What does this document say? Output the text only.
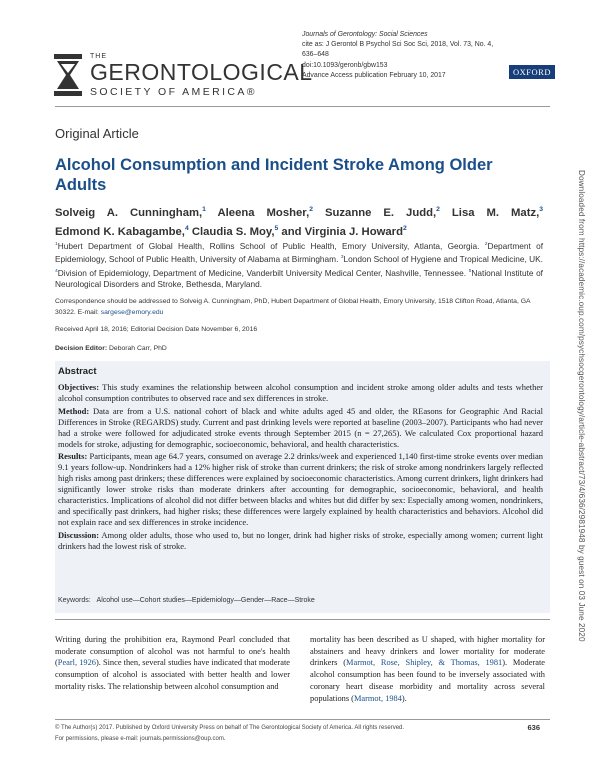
THE
GERONTOLOGICAL
SOCIETY OF AMERICA®
Journals of Gerontology: Social Sciences
cite as: J Gerontol B Psychol Sci Soc Sci, 2018, Vol. 73, No. 4, 636–648
doi:10.1093/geronb/gbw153
Advance Access publication February 10, 2017	OXFORD
Original Article
Alcohol Consumption and Incident Stroke Among Older Adults
Solveig A. Cunningham,$^1$ Aleena Mosher,$^2$ Suzanne E. Judd,$^2$ Lisa M. Matz,$^3$
Edmond K. Kabagambe,$^4$ Claudia S. Moy,$^5$ and Virginia J. Howard$^2$
$^1$Hubert Department of Global Health, Rollins School of Public Health, Emory University, Atlanta, Georgia. $^2$Department of Epidemiology, School of Public Health, University of Alabama at Birmingham. $^3$London School of Hygiene and Tropical Medicine, UK. $^4$Division of Epidemiology, Department of Medicine, Vanderbilt University Medical Center, Nashville, Tennessee. $^5$National Institute of Neurological Disorders and Stroke, Bethesda, Maryland.
Correspondence should be addressed to Solveig A. Cunningham, PhD, Hubert Department of Global Health, Emory University, 1518 Clifton Road, Atlanta, GA 30322. E-mail: sargese@emory.edu
Received April 18, 2016; Editorial Decision Date November 6, 2016
Decision Editor: Deborah Carr, PhD
Abstract

Objectives: This study examines the relationship between alcohol consumption and incident stroke among older adults and tests whether alcohol consumption contributes to observed race and sex differences in stroke.

Method: Data are from a U.S. national cohort of black and white adults aged 45 and older, the REasons for Geographic And Racial Differences in Stroke (REGARDS) study. Current and past drinking levels were reported at baseline (2003–2007). Participants who had never had a stroke were followed for adjudicated stroke events through September 2015 (n = 27,265). We calculated Cox proportional hazard models for stroke, adjusting for demographic, socioeconomic, behavioral, and health characteristics.

Results: Participants, mean age 64.7 years, consumed on average 2.2 drinks/week and experienced 1,140 first-time stroke events over median 9.1 years follow-up. Nondrinkers had a 12% higher risk of stroke than current drinkers; the risk of stroke among nondrinkers largely reflected high risks among past drinkers; these differences were explained by socioeconomic characteristics. Among current drinkers, light drinkers had significantly lower stroke risks than moderate drinkers after accounting for demographic, socioeconomic, behavioral, and health characteristics. Implications of alcohol did not differ between blacks and whites but did differ by sex: Especially among women, nondrinkers, and specifically past drinkers, had higher risks; these differences were largely explained by health characteristics and behaviors. Alcohol did not explain race and sex differences in stroke incidence.

Discussion: Among older adults, those who used to, but no longer, drink had higher risks of stroke, especially among women; current light drinkers had the lowest risk of stroke.

Keywords: Alcohol use—Cohort studies—Epidemiology—Gender—Race—Stroke
Writing during the prohibition era, Raymond Pearl concluded that moderate consumption of alcohol was not harmful to one's health (Pearl, 1926). Since then, several studies have indicated that moderate consumption of alcohol is associated with better health and lower mortality risks. The relationship between alcohol consumption and
mortality has been described as U shaped, with higher mortality for abstainers and heavy drinkers and lower mortality for moderate drinkers (Marmot, Rose, Shipley, & Thomas, 1981). Moderate alcohol consumption has been found to be inversely associated with coronary heart disease morbidity and mortality across several populations (Marmot, 1984).
© The Author(s) 2017. Published by Oxford University Press on behalf of The Gerontological Society of America. All rights reserved.
For permissions, please e-mail: journals.permissions@oup.com.
636
Downloaded from https://academic.oup.com/psychsocgerontology/article-abstract/73/4/636/2981948 by guest on 03 June 2020
